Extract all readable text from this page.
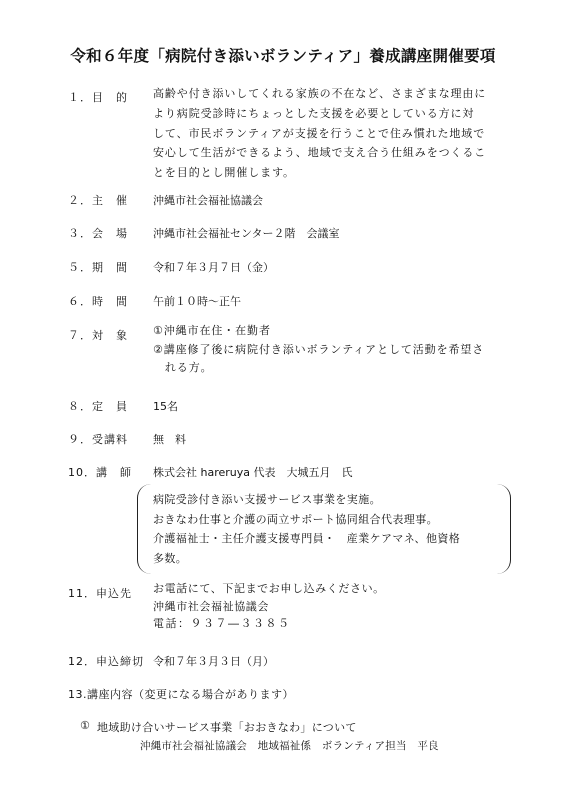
令和６年度「病院付き添いボランティア」養成講座開催要項
１．目　的 高齢や付き添いしてくれる家族の不在など、さまざまな理由に
より病院受診時にちょっとした支援を必要としている方に対
して、市民ボランティアが支援を行うことで住み慣れた地域で
安心して生活ができるよう、地域で支え合う仕組みをつくるこ
とを目的とし開催します。
２．主　催 沖縄市社会福祉協議会
３．会　場 沖縄市社会福祉センター２階　会議室
５．期　間 令和７年３月７日（金）
６．時　間 午前１０時～正午
７．対　象 ①沖縄市在住・在勤者
②講座修了後に病院付き添いボランティアとして活動を希望さ
　れる方。
８．定　員 15名
９．受講料 無　料
10．講　師 株式会社 hareruya 代表　大城五月　氏
病院受診付き添い支援サービス事業を実施。
おきなわ仕事と介護の両立サポート協同組合代表理事。
介護福祉士・主任介護支援専門員・　産業ケアマネ、他資格
多数。
11．申込先 お電話にて、下記までお申し込みください。
沖縄市社会福祉協議会
電話：９３７―３３８５
12．申込締切 令和７年３月３日（月）
13.講座内容（変更になる場合があります）
① 地域助け合いサービス事業「おおきなわ」について
沖縄市社会福祉協議会　地域福祉係　ボランティア担当　平良
